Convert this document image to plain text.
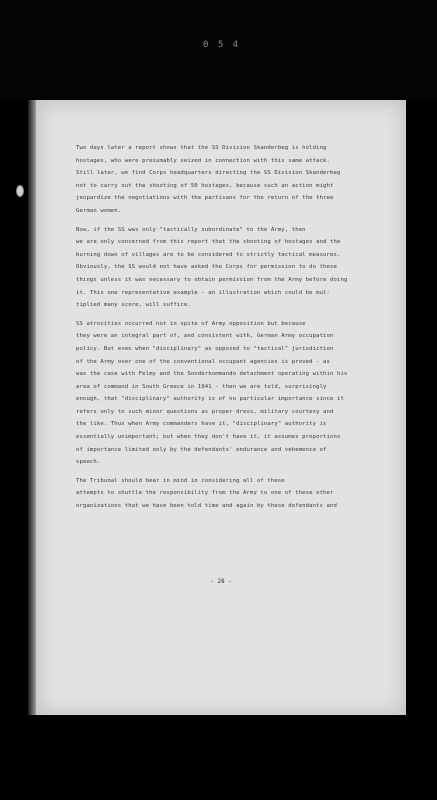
0 5 4

Two days later a report shows that the SS Division Skanderbeg is holding
hostages, who were presumably seized in connection with this same attack.
Still later, we find Corps headquarters directing the SS Division Skanderbeg
not to carry out the shooting of 50 hostages, because such an action might
jeopardize the negotiations with the partisans for the return of the three
German women.

Now, if the SS was only "tactically subordinate" to the Army, then
we are only concerned from this report that the shooting of hostages and the
burning down of villages are to be considered to strictly tactical measures.
Obviously, the SS would not have asked the Corps for permission to do these
things unless it was necessary to obtain permission from the Army before doing
it. This one representative example - an illustration which could be mul-
tiplied many score, will suffice.

SS atrocities occurred not in spite of Army opposition but because
they were an integral part of, and consistent with, German Army occupation
policy. But even when "disciplinary" as opposed to "tactical" jurisdiction
of the Army over one of the conventional occupant agencies is proved - as
was the case with Felmy and the Sonderkommando detachment operating within his
area of command in South Greece in 1941 - then we are told, surprisingly
enough, that "disciplinary" authority is of no particular importance since it
refers only to such minor questions as proper dress, military courtesy and
the like. Thus when Army commanders have it, "disciplinary" authority is
essentially unimportant; but when they don't have it, it assumes proportions
of importance limited only by the defendants' endurance and vehemence of
speech.

The Tribunal should bear in mind in considering all of these
attempts to shuttle the responsibility from the Army to one of these other
organizations that we have been told time and again by these defendants and

- 28 -
